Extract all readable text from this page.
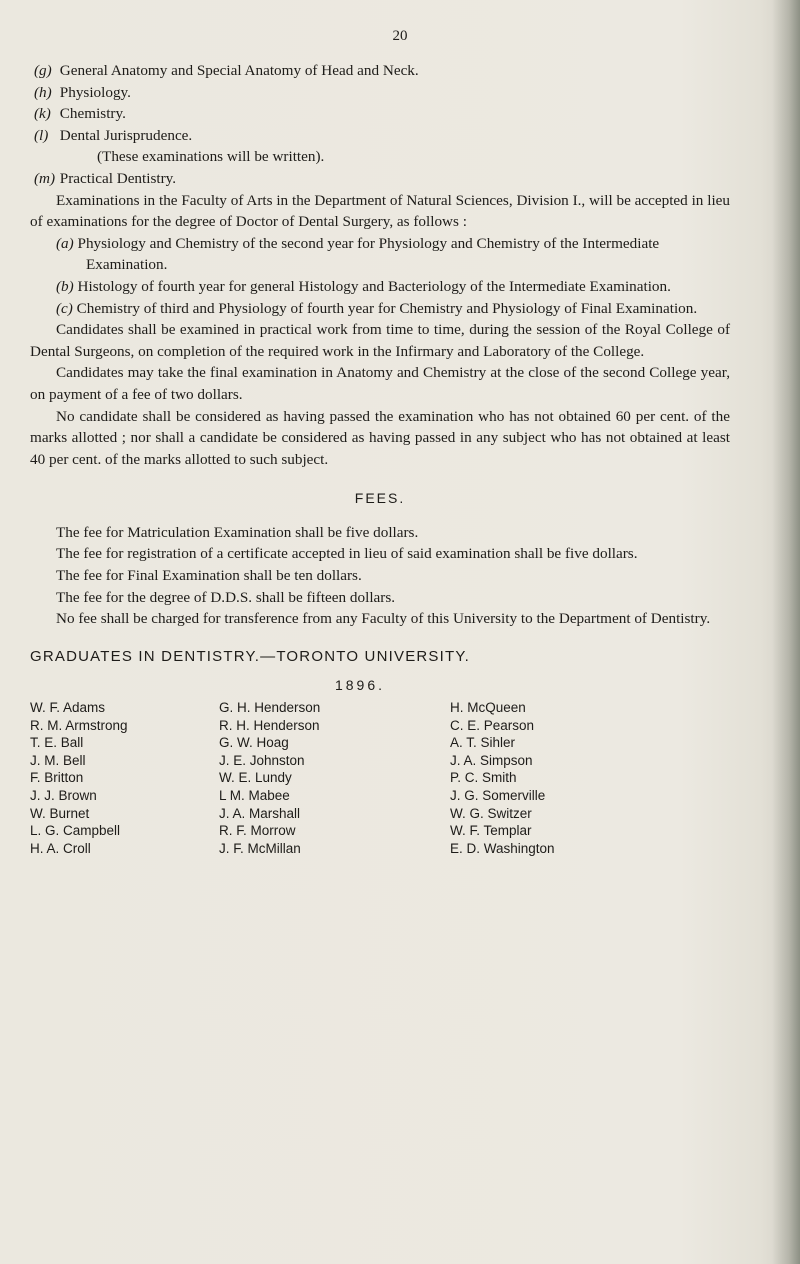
20

(g) General Anatomy and Special Anatomy of Head and Neck.

(h) Physiology.

(k) Chemistry.

(l) Dental Jurisprudence.

(These examinations will be written).

(m) Practical Dentistry.

Examinations in the Faculty of Arts in the Department of Natural Sciences, Division I., will be accepted in lieu of examinations for the degree of Doctor of Dental Surgery, as follows :

(a) Physiology and Chemistry of the second year for Physiology and Chemistry of the Intermediate Examination.

(b) Histology of fourth year for general Histology and Bacteriology of the Intermediate Examination.

(c) Chemistry of third and Physiology of fourth year for Chemistry and Physiology of Final Examination.

Candidates shall be examined in practical work from time to time, during the session of the Royal College of Dental Surgeons, on completion of the required work in the Infirmary and Laboratory of the College.

Candidates may take the final examination in Anatomy and Chemistry at the close of the second College year, on payment of a fee of two dollars.

No candidate shall be considered as having passed the examination who has not obtained 60 per cent. of the marks allotted ; nor shall a candidate be considered as having passed in any subject who has not obtained at least 40 per cent. of the marks allotted to such subject.

FEES.

The fee for Matriculation Examination shall be five dollars.

The fee for registration of a certificate accepted in lieu of said examination shall be five dollars.

The fee for Final Examination shall be ten dollars.

The fee for the degree of D.D.S. shall be fifteen dollars.

No fee shall be charged for transference from any Faculty of this University to the Department of Dentistry.

GRADUATES IN DENTISTRY.—TORONTO UNIVERSITY.
1896.
W. F. Adams
R. M. Armstrong
T. E. Ball
J. M. Bell
F. Britton
J. J. Brown
W. Burnet
L. G. Campbell
H. A. Croll
G. H. Henderson
R. H. Henderson
G. W. Hoag
J. E. Johnston
W. E. Lundy
L M. Mabee
J. A. Marshall
R. F. Morrow
J. F. McMillan
H. McQueen
C. E. Pearson
A. T. Sihler
J. A. Simpson
P. C. Smith
J. G. Somerville
W. G. Switzer
W. F. Templar
E. D. Washington
